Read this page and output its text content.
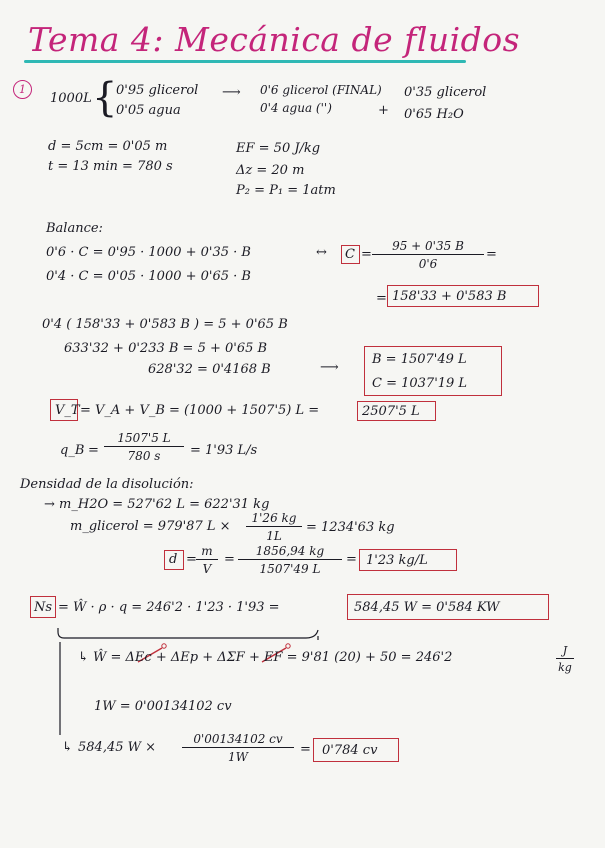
Tema 4: Mecánica de fluidos
1
1000L {
0'95 glicerol
0'05 agua
⟶ 0'6 glicerol (FINAL)
0'4 agua ('')	+
0'35 glicerol
0'65 H₂O
d = 5cm = 0'05 m
t = 13 min = 780 s
EF = 50 J/kg
Δz = 20 m
P₂ = P₁ = 1atm
Balance:
0'6 · C = 0'95 · 1000 + 0'35 · B
0'4 · C = 0'05 · 1000 + 0'65 · B
↔ $C = \frac{95 + 0'35 B}{0'6}$ =
= 158'33 + 0'583 B
0'4 ( 158'33 + 0'583 B ) = 5 + 0'65 B
633'32 + 0'233 B = 5 + 0'65 B
628'32 = 0'4168 B	⟶
B = 1507'49 L
C = 1037'19 L
V_T = V_A + V_B = (1000 + 1507'5) L =	2507'5 L
q_B = $\frac{1507'5 L}{780 s} = 1'93$ L/s
Densidad de la disolución:
→ m_H2O = 527'62 L = 622'31 kg
m_glicerol = 979'87 $L \times \frac{1'26 kg}{1L} = 1234'63$ kg
$d = \frac{m}{V} = \frac{1856,94 kg}{1507'49 L} = 1'23$ kg/L
Ns = Ŵ · ρ · q = 246'2 · 1'23 · 1'93 =	584,45 W = 0'584 KW
↳ Ŵ = ΔEc + ΔEp + ΔΣF + EF = 9'81 (20) + 50 = 246'2	$\frac{J}{kg}$
1W = 0'00134102 cv
↳ 584,45 $W \times \frac{0'00134102 cv}{1W} = 0'784$ cv
